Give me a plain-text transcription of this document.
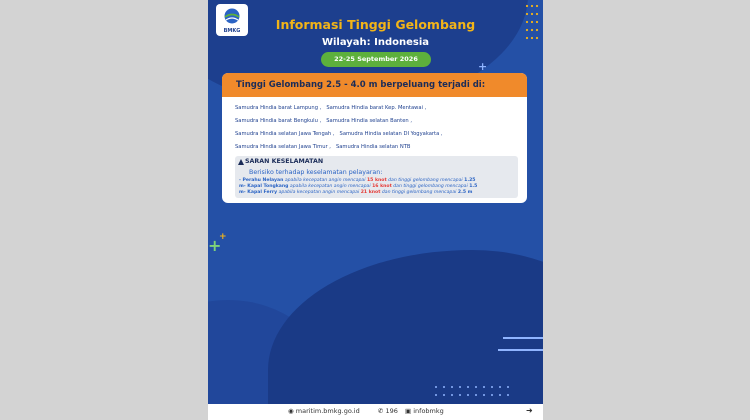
+
+
+
BMKG	Informasi Tinggi Gelombang
Wilayah: Indonesia
22-25 September 2026
Tinggi Gelombang 2.5 - 4.0 m berpeluang terjadi di:
Samudra Hindia barat Lampung , Samudra Hindia barat Kep. Mentawai ,
Samudra Hindia barat Bengkulu , Samudra Hindia selatan Banten ,
Samudra Hindia selatan Jawa Tengah , Samudra Hindia selatan DI Yogyakarta ,
Samudra Hindia selatan Jawa Timur , Samudra Hindia selatan NTB
SARAN KESELAMATAN
Berisiko terhadap keselamatan pelayaran:
- Perahu Nelayan apabila kecepatan angin mencapai 15 knot dan tinggi gelombang mencapai 1.25
m- Kapal Tongkang apabila kecepatan angin mencapai 16 knot dan tinggi gelombang mencapai 1.5
m- Kapal Ferry apabila kecepatan angin mencapai 21 knot dan tinggi gelombang mencapai 2.5 m
◉ maritim.bmkg.go.id	✆ 196 ▣ infobmkg	➜
